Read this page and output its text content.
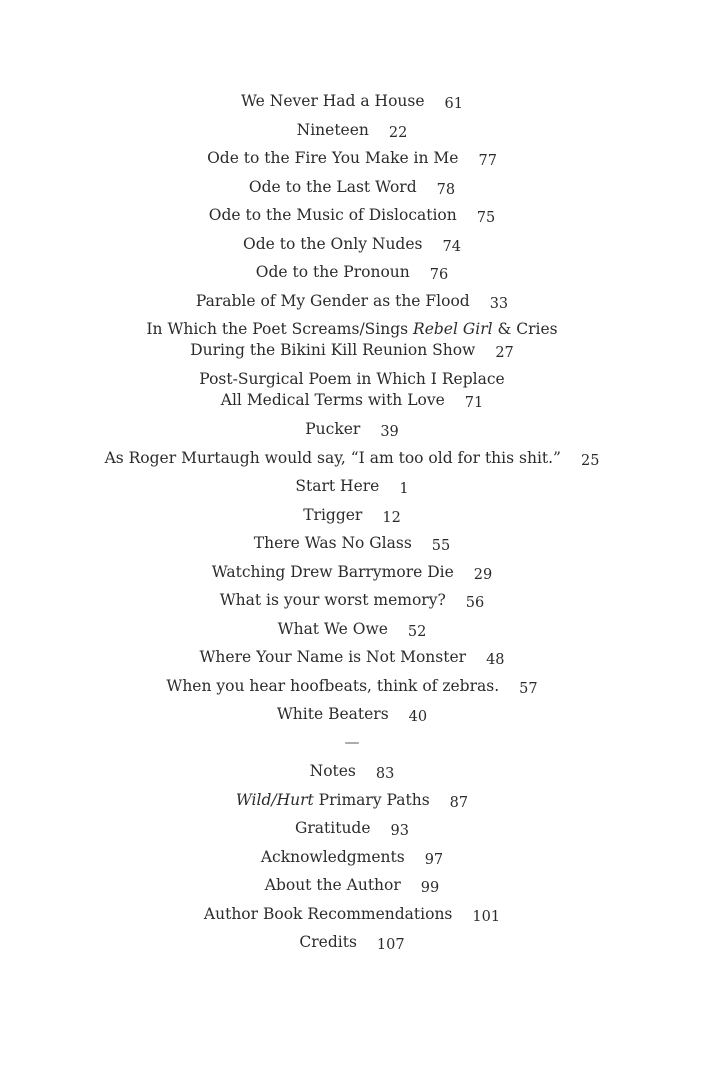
We Never Had a House 61
Nineteen 22
Ode to the Fire You Make in Me 77
Ode to the Last Word 78
Ode to the Music of Dislocation 75
Ode to the Only Nudes 74
Ode to the Pronoun 76
Parable of My Gender as the Flood 33
In Which the Poet Screams/Sings Rebel Girl & Cries
During the Bikini Kill Reunion Show 27
Post-Surgical Poem in Which I Replace
All Medical Terms with Love 71
Pucker 39
As Roger Murtaugh would say, “I am too old for this shit.” 25
Start Here 1
Trigger 12
There Was No Glass 55
Watching Drew Barrymore Die 29
What is your worst memory? 56
What We Owe 52
Where Your Name is Not Monster 48
When you hear hoofbeats, think of zebras. 57
White Beaters 40
—
Notes 83
Wild/Hurt Primary Paths 87
Gratitude 93
Acknowledgments 97
About the Author 99
Author Book Recommendations 101
Credits 107
